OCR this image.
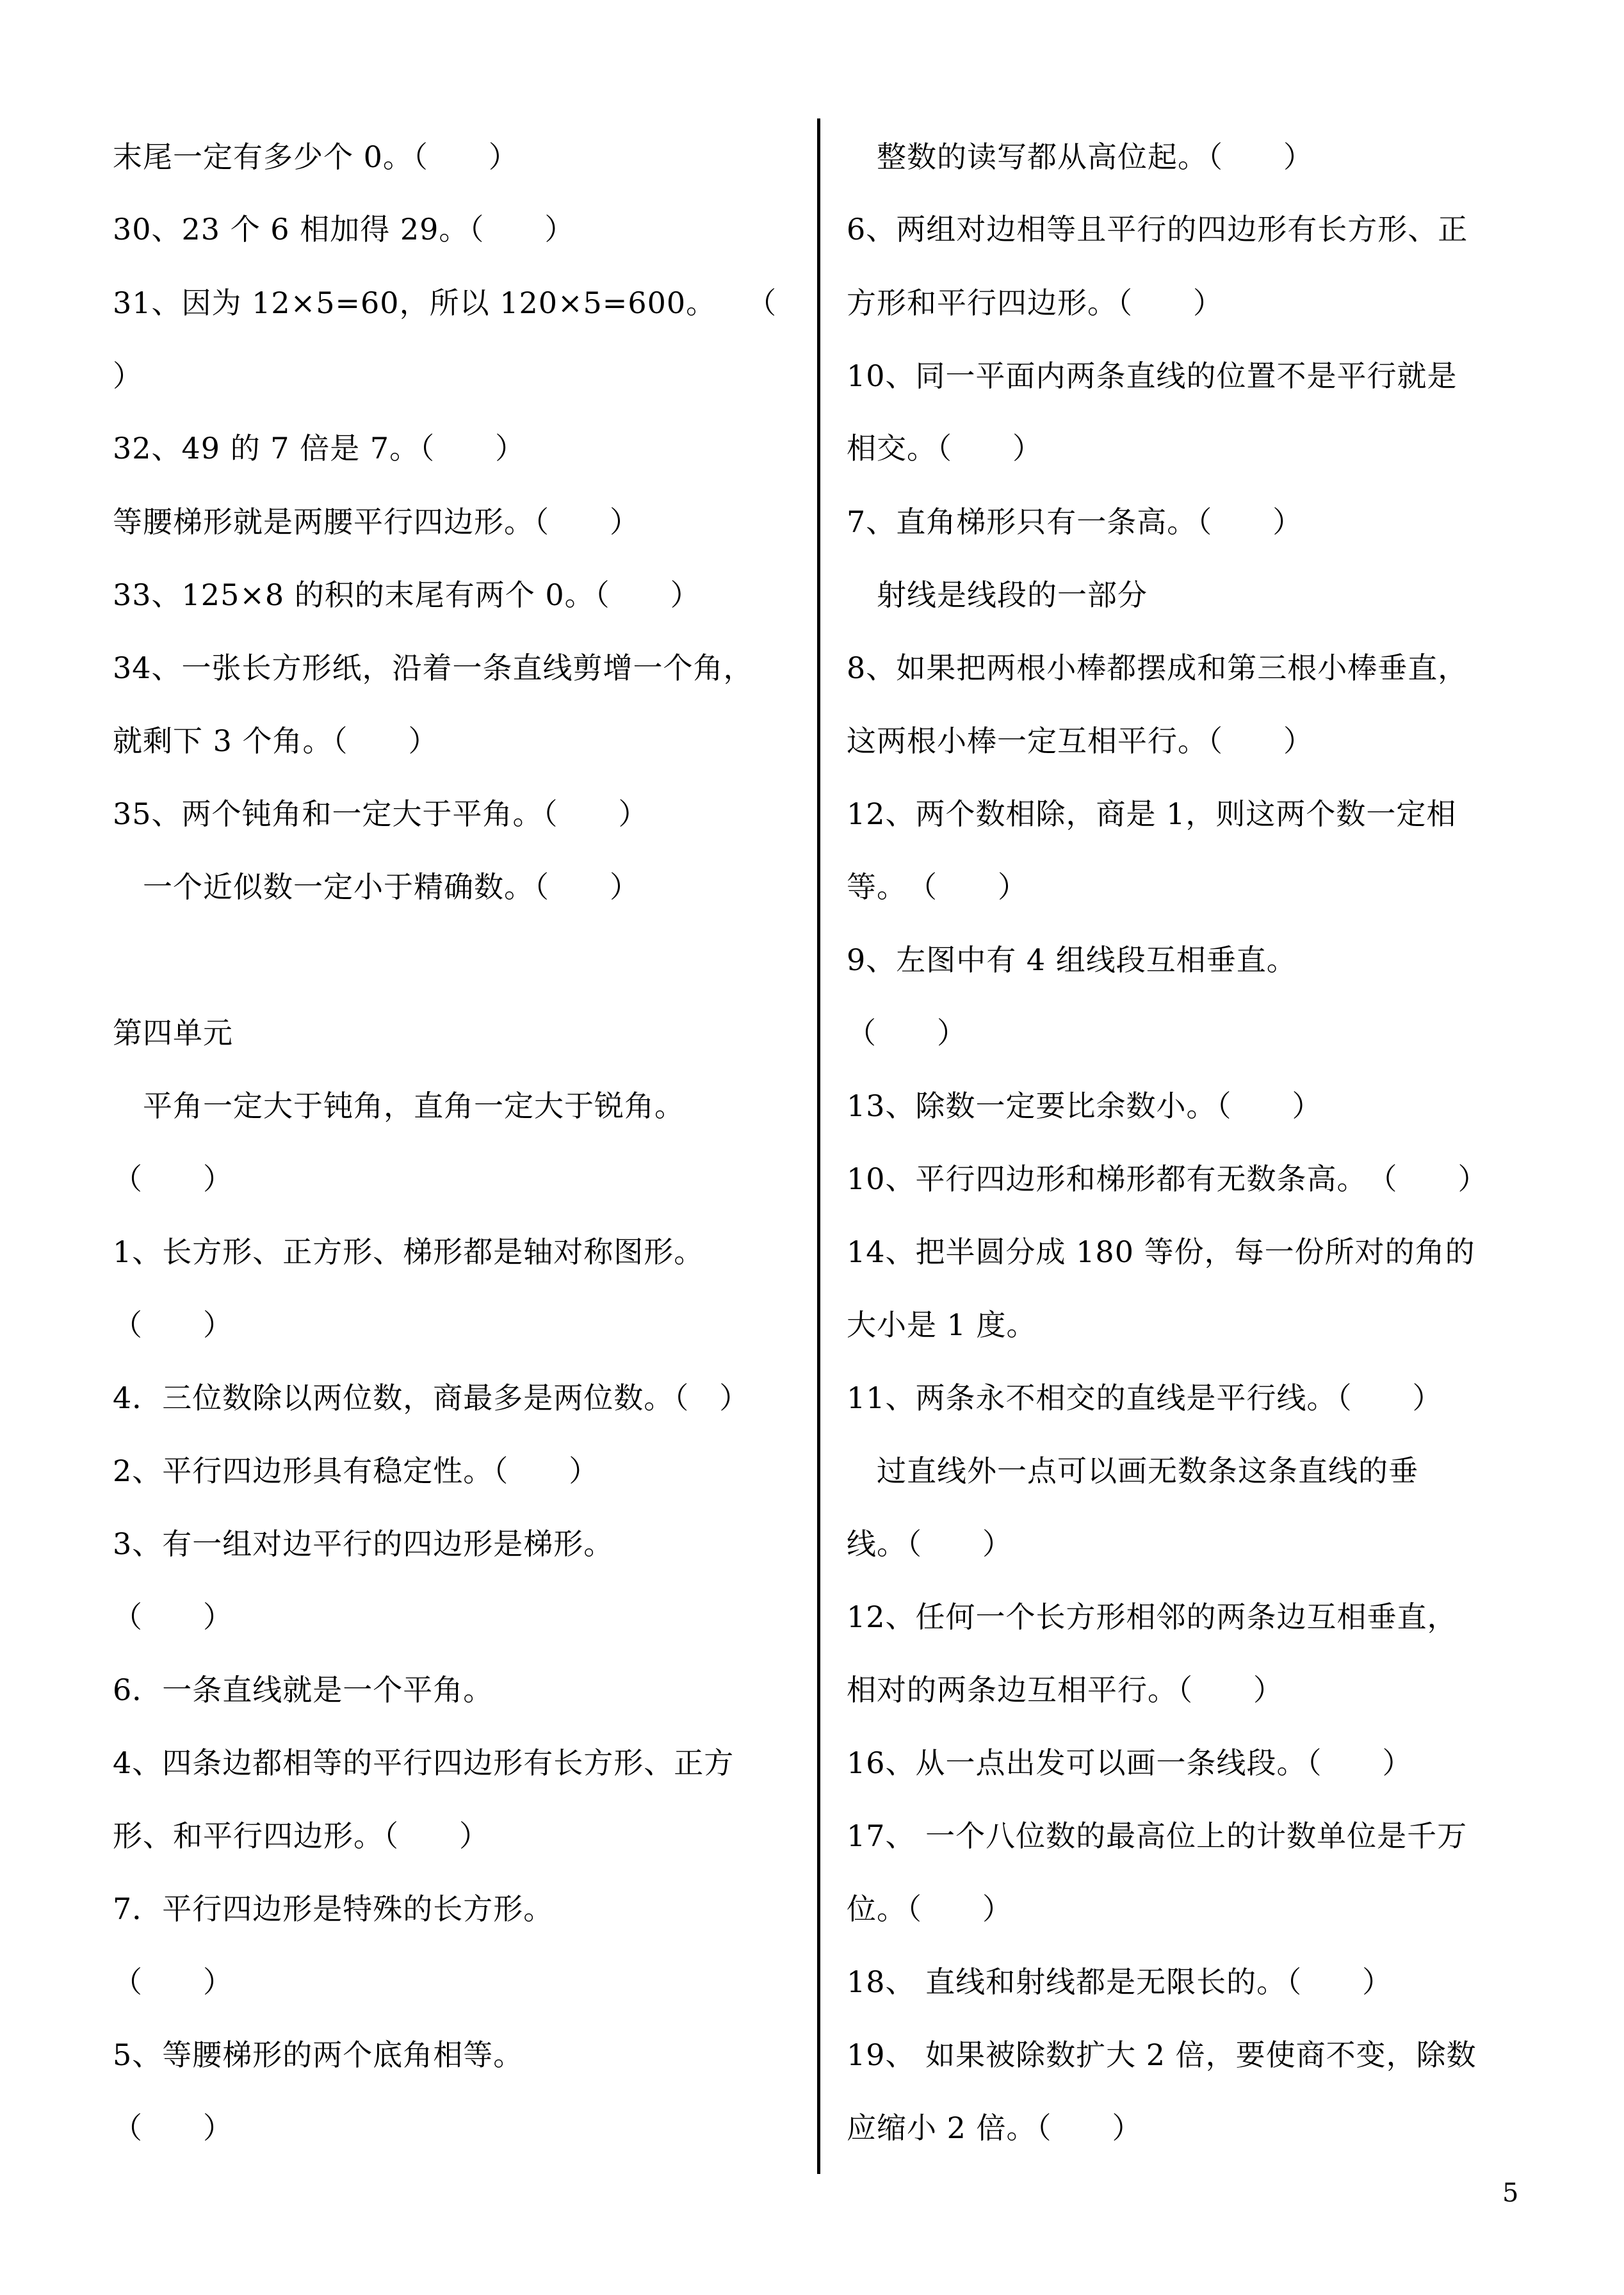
末尾一定有多少个 0。（　　）
30、23 个 6 相加得 29。（　　）
31、因为 12×5=60，所以 120×5=600。　　（
）
32、49 的 7 倍是 7。（　　）
等腰梯形就是两腰平行四边形。（　　）
33、125×8 的积的末尾有两个 0。（　　）
34、一张长方形纸，沿着一条直线剪增一个角，
就剩下 3 个角。（　　）
35、两个钝角和一定大于平角。（　　）
　一个近似数一定小于精确数。（　　）
第四单元
　平角一定大于钝角，直角一定大于锐角。
（　　）
1、长方形、正方形、梯形都是轴对称图形。
（　　）
4．三位数除以两位数，商最多是两位数。（　）
2、平行四边形具有稳定性。（　　）
3、有一组对边平行的四边形是梯形。
（　　）
6．一条直线就是一个平角。
4、四条边都相等的平行四边形有长方形、正方
形、和平行四边形。（　　）
7．平行四边形是特殊的长方形。
（　　）
5、等腰梯形的两个底角相等。
（　　）
　整数的读写都从高位起。（　　）
6、两组对边相等且平行的四边形有长方形、正
方形和平行四边形。（　　）
10、同一平面内两条直线的位置不是平行就是
相交。（　　）
7、直角梯形只有一条高。（　　）
　射线是线段的一部分
8、如果把两根小棒都摆成和第三根小棒垂直，
这两根小棒一定互相平行。（　　）
12、两个数相除，商是 1，则这两个数一定相
等。　（　　）
9、左图中有 4 组线段互相垂直。
（　　）
13、除数一定要比余数小。（　　）
10、平行四边形和梯形都有无数条高。　（　　）
14、把半圆分成 180 等份，每一份所对的角的
大小是 1 度。
11、两条永不相交的直线是平行线。（　　）
　过直线外一点可以画无数条这条直线的垂
线。（　　）
12、任何一个长方形相邻的两条边互相垂直，
相对的两条边互相平行。（　　）
16、从一点出发可以画一条线段。（　　）
17、 一个八位数的最高位上的计数单位是千万
位。（　　）
18、 直线和射线都是无限长的。（　　）
19、 如果被除数扩大 2 倍，要使商不变，除数
应缩小 2 倍。（　　）
5
